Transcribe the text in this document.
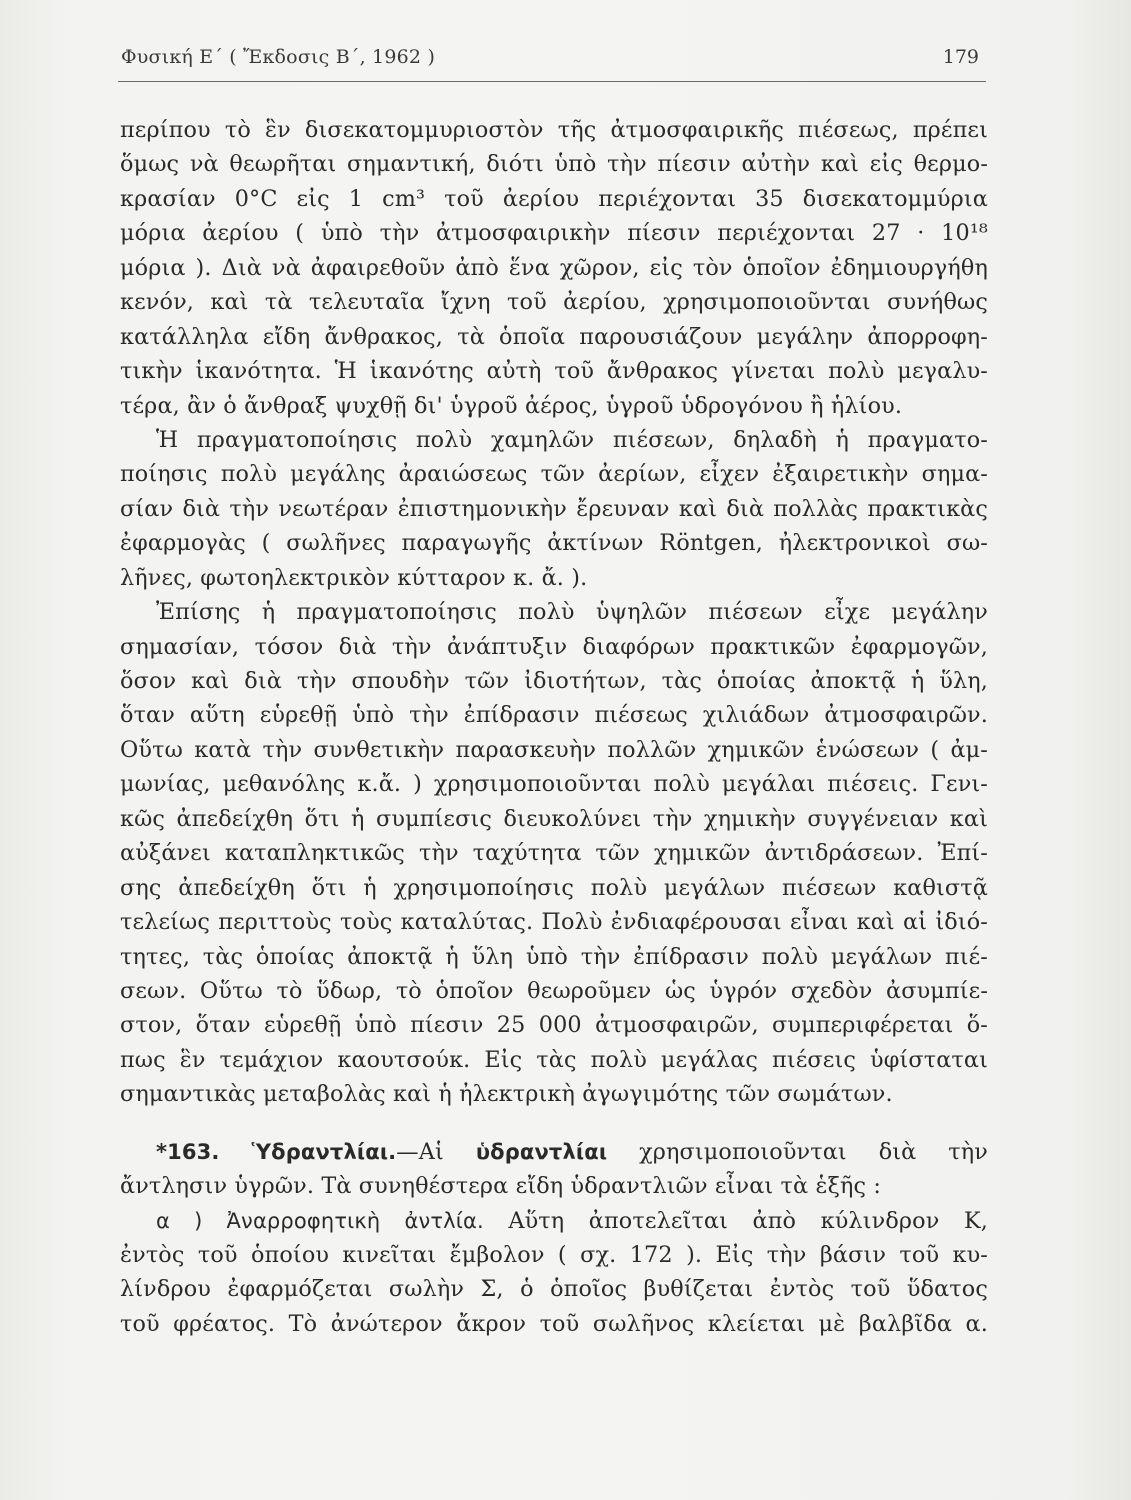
Φυσική Ε΄ ( Ἔκδοσις Β΄, 1962 )	179
περίπου τὸ ἓν δισεκατομμυριοστὸν τῆς ἀτμοσφαιρικῆς πιέσεως, πρέπει
ὅμως νὰ θεωρῆται σημαντική, διότι ὑπὸ τὴν πίεσιν αὐτὴν καὶ εἰς θερμο-
κρασίαν 0°C εἰς 1 cm³ τοῦ ἀερίου περιέχονται 35 δισεκατομμύρια
μόρια ἀερίου ( ὑπὸ τὴν ἀτμοσφαιρικὴν πίεσιν περιέχονται 27 · 10¹⁸
μόρια ). Διὰ νὰ ἀφαιρεθοῦν ἀπὸ ἕνα χῶρον, εἰς τὸν ὁποῖον ἐδημιουργήθη
κενόν, καὶ τὰ τελευταῖα ἴχνη τοῦ ἀερίου, χρησιμοποιοῦνται συνήθως
κατάλληλα εἴδη ἄνθρακος, τὰ ὁποῖα παρουσιάζουν μεγάλην ἀπορροφη-
τικὴν ἱκανότητα. Ἡ ἱκανότης αὐτὴ τοῦ ἄνθρακος γίνεται πολὺ μεγαλυ-
τέρα, ἂν ὁ ἄνθραξ ψυχθῇ δι' ὑγροῦ ἀέρος, ὑγροῦ ὑδρογόνου ἢ ἡλίου.
Ἡ πραγματοποίησις πολὺ χαμηλῶν πιέσεων, δηλαδὴ ἡ πραγματο-
ποίησις πολὺ μεγάλης ἀραιώσεως τῶν ἀερίων, εἶχεν ἐξαιρετικὴν σημα-
σίαν διὰ τὴν νεωτέραν ἐπιστημονικὴν ἔρευναν καὶ διὰ πολλὰς πρακτικὰς
ἐφαρμογὰς ( σωλῆνες παραγωγῆς ἀκτίνων Röntgen, ἠλεκτρονικοὶ σω-
λῆνες, φωτοηλεκτρικὸν κύτταρον κ. ἄ. ).
Ἐπίσης ἡ πραγματοποίησις πολὺ ὑψηλῶν πιέσεων εἶχε μεγάλην
σημασίαν, τόσον διὰ τὴν ἀνάπτυξιν διαφόρων πρακτικῶν ἐφαρμογῶν,
ὅσον καὶ διὰ τὴν σπουδὴν τῶν ἰδιοτήτων, τὰς ὁποίας ἀποκτᾷ ἡ ὕλη,
ὅταν αὕτη εὑρεθῇ ὑπὸ τὴν ἐπίδρασιν πιέσεως χιλιάδων ἀτμοσφαιρῶν.
Οὕτω κατὰ τὴν συνθετικὴν παρασκευὴν πολλῶν χημικῶν ἑνώσεων ( ἀμ-
μωνίας, μεθανόλης κ.ἄ. ) χρησιμοποιοῦνται πολὺ μεγάλαι πιέσεις. Γενι-
κῶς ἀπεδείχθη ὅτι ἡ συμπίεσις διευκολύνει τὴν χημικὴν συγγένειαν καὶ
αὐξάνει καταπληκτικῶς τὴν ταχύτητα τῶν χημικῶν ἀντιδράσεων. Ἐπί-
σης ἀπεδείχθη ὅτι ἡ χρησιμοποίησις πολὺ μεγάλων πιέσεων καθιστᾷ
τελείως περιττοὺς τοὺς καταλύτας. Πολὺ ἐνδιαφέρουσαι εἶναι καὶ αἱ ἰδιό-
τητες, τὰς ὁποίας ἀποκτᾷ ἡ ὕλη ὑπὸ τὴν ἐπίδρασιν πολὺ μεγάλων πιέ-
σεων. Οὕτω τὸ ὕδωρ, τὸ ὁποῖον θεωροῦμεν ὡς ὑγρόν σχεδὸν ἀσυμπίε-
στον, ὅταν εὑρεθῇ ὑπὸ πίεσιν 25 000 ἀτμοσφαιρῶν, συμπεριφέρεται ὅ-
πως ἓν τεμάχιον καουτσούκ. Εἰς τὰς πολὺ μεγάλας πιέσεις ὑφίσταται
σημαντικὰς μεταβολὰς καὶ ἡ ἠλεκτρικὴ ἀγωγιμότης τῶν σωμάτων.
*163. Ὑδραντλίαι.—Αἱ ὑδραντλίαι χρησιμοποιοῦνται διὰ τὴν
ἄντλησιν ὑγρῶν. Τὰ συνηθέστερα εἴδη ὑδραντλιῶν εἶναι τὰ ἑξῆς :
α ) Ἀναρροφητικὴ ἀντλία. Αὕτη ἀποτελεῖται ἀπὸ κύλινδρον Κ,
ἐντὸς τοῦ ὁποίου κινεῖται ἔμβολον ( σχ. 172 ). Εἰς τὴν βάσιν τοῦ κυ-
λίνδρου ἐφαρμόζεται σωλὴν Σ, ὁ ὁποῖος βυθίζεται ἐντὸς τοῦ ὕδατος
τοῦ φρέατος. Τὸ ἀνώτερον ἄκρον τοῦ σωλῆνος κλείεται μὲ βαλβῖδα α.
